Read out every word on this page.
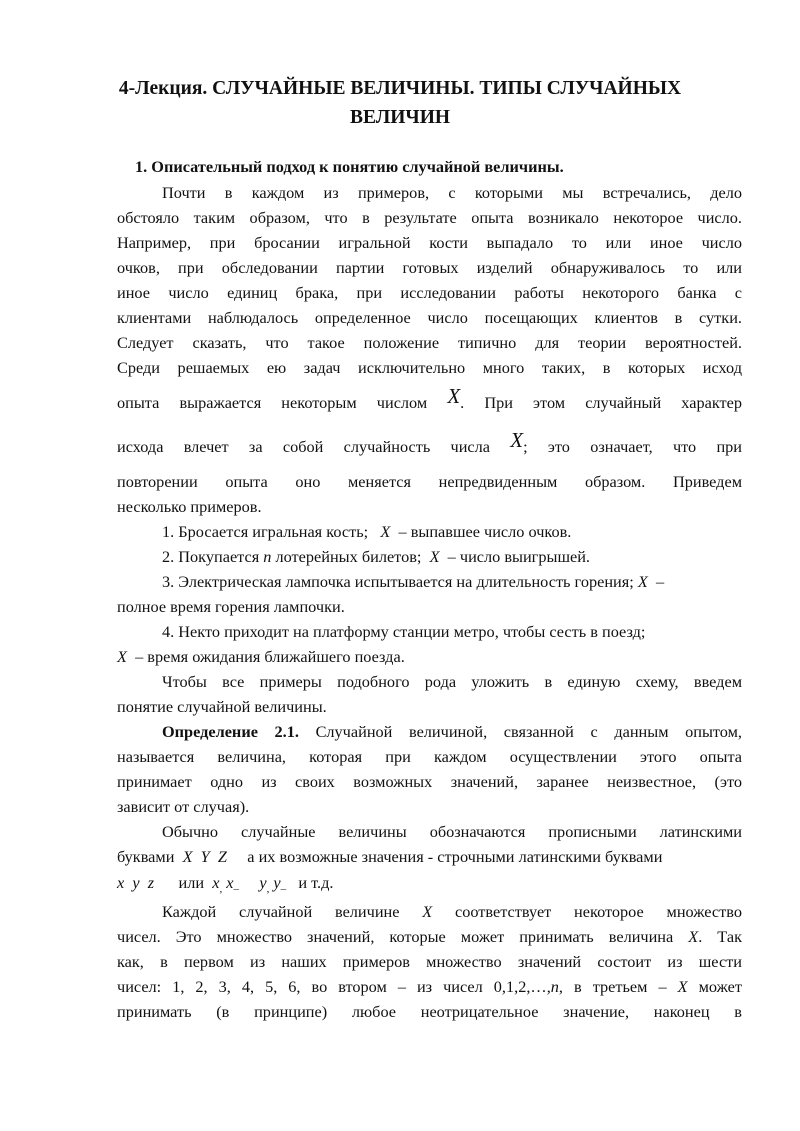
4-Лекция. СЛУЧАЙНЫЕ ВЕЛИЧИНЫ. ТИПЫ СЛУЧАЙНЫХ
ВЕЛИЧИН
1. Описательный подход к понятию случайной величины.
Почти в каждом из примеров, с которыми мы встречались, дело
обстояло таким образом, что в результате опыта возникало некоторое число.
Например, при бросании игральной кости выпадало то или иное число
очков, при обследовании партии готовых изделий обнаруживалось то или
иное число единиц брака, при исследовании работы некоторого банка с
клиентами наблюдалось определенное число посещающих клиентов в сутки.
Следует сказать, что такое положение типично для теории вероятностей.
Среди решаемых ею задач исключительно много таких, в которых исход
опыта выражается некоторым числом X. При этом случайный характер
исхода влечет за собой случайность числа X; это означает, что при
повторении опыта оно меняется непредвиденным образом. Приведем
несколько примеров.
1. Бросается игральная кость; X – выпавшее число очков.
2. Покупается n лотерейных билетов; X – число выигрышей.
3. Электрическая лампочка испытывается на длительность горения; X –
полное время горения лампочки.
4. Некто приходит на платформу станции метро, чтобы сесть в поезд;
X – время ожидания ближайшего поезда.
Чтобы все примеры подобного рода уложить в единую схему, введем
понятие случайной величины.
Определение 2.1. Случайной величиной, связанной с данным опытом,
называется величина, которая при каждом осуществлении этого опыта
принимает одно из своих возможных значений, заранее неизвестное, (это
зависит от случая).
Обычно случайные величины обозначаются прописными латинскими
буквами X  Y  Z а их возможные значения - строчными латинскими буквами
x  y  z или $x_,$ $x_-$ $y_,$ $y_-$ и т.д.
Каждой случайной величине X соответствует некоторое множество
чисел. Это множество значений, которые может принимать величина X. Так
как, в первом из наших примеров множество значений состоит из шести
чисел: 1, 2, 3, 4, 5, 6, во втором – из чисел 0,1,2,…,n, в третьем – X может
принимать (в принципе) любое неотрицательное значение, наконец в
